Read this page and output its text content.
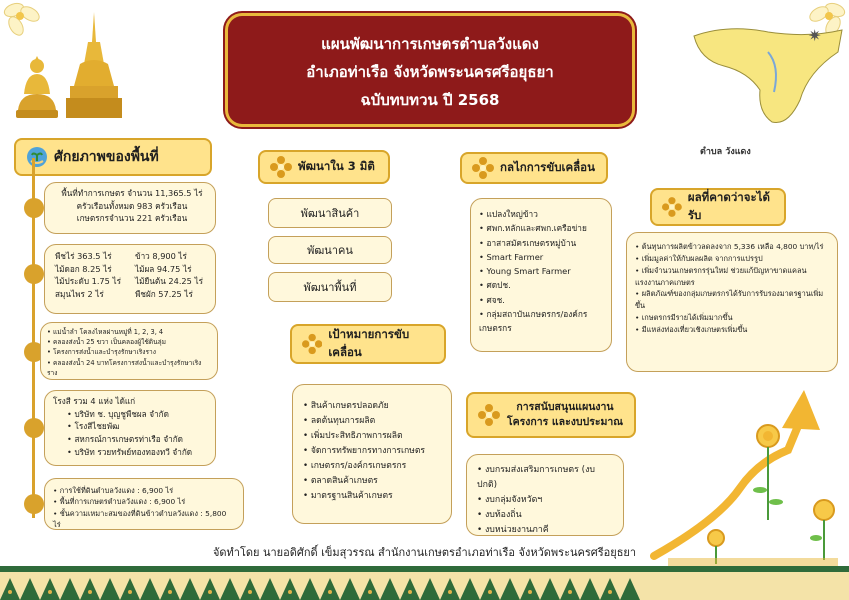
แผนพัฒนาการเกษตรตำบลวังแดง
อำเภอท่าเรือ จังหวัดพระนครศรีอยุธยา
ฉบับทบทวน ปี 2568
✷
ตำบล วังแดง
ศักยภาพของพื้นที่
พื้นที่ทำการเกษตร จำนวน 11,365.5 ไร่
ครัวเรือนทั้งหมด 983 ครัวเรือน
เกษตรกรจำนวน 221 ครัวเรือน
พืชไร่ 363.5 ไร่
ไม้ดอก 8.25 ไร่
ไม้ประดับ 1.75 ไร่
สมุนไพร 2 ไร่
ข้าว 8,900 ไร่
ไม้ผล 94.75 ไร่
ไม้ยืนต้น 24.25 ไร่
พืชผัก 57.25 ไร่
• แม่น้ำลำ โคลงไหลผ่านหมู่ที่ 1, 2, 3, 4
• คลองส่งน้ำ 25 ขวา เป็นคลองผู้ใช้ดินลุ่ม
• โครงการส่งน้ำและบำรุงรักษาเริงราง
• คลองส่งน้ำ 24 บาทโครงการส่งน้ำและบำรุงรักษาเริงราง
โรงสี รวม 4 แห่ง ได้แก่
• บริษัท ช. บุญชูพืชผล จำกัด
• โรงสีไชยพัฒ
• สหกรณ์การเกษตรท่าเรือ จำกัด
• บริษัท รวยทรัพย์ทองทองทวี จำกัด
• การใช้ที่ดินตำบลวังแดง : 6,900 ไร่
• พื้นที่การเกษตรตำบลวังแดง : 6,900 ไร่
• ชั้นความเหมาะสมของที่ดินข้าวตำบลวังแดง : 5,800 ไร่
พัฒนาใน 3 มิติ
พัฒนาสินค้า
พัฒนาคน
พัฒนาพื้นที่
เป้าหมายการขับเคลื่อน
• สินค้าเกษตรปลอดภัย
• ลดต้นทุนการผลิต
• เพิ่มประสิทธิภาพการผลิต
• จัดการทรัพยากรทางการเกษตร
• เกษตรกร/องค์กรเกษตรกร
• ตลาดสินค้าเกษตร
• มาตรฐานสินค้าเกษตร
กลไกการขับเคลื่อน
• แปลงใหญ่ข้าว
• ศพก.หลักและศพก.เครือข่าย
• อาสาสมัครเกษตรหมู่บ้าน
• Smart Farmer
• Young Smart Farmer
• ศดปช.
• ศจช.
• กลุ่มสถาบันเกษตรกร/องค์กรเกษตรกร
การสนับสนุนแผนงาน
โครงการ และงบประมาณ
• งบกรมส่งเสริมการเกษตร (งบปกติ)
• งบกลุ่มจังหวัดฯ
• งบท้องถิ่น
• งบหน่วยงานภาคี
ผลที่คาดว่าจะได้รับ
• ต้นทุนการผลิตข้าวลดลงจาก 5,336 เหลือ 4,800 บาท/ไร่
• เพิ่มมูลค่าให้กับผลผลิต จากการแปรรูป
• เพิ่มจำนวนเกษตรกรรุ่นใหม่ ช่วยแก้ปัญหาขาดแคลนแรงงานภาคเกษตร
• ผลิตภัณฑ์ของกลุ่มเกษตรกรได้รับการรับรองมาตรฐานเพิ่มขึ้น
• เกษตรกรมีรายได้เพิ่มมากขึ้น
• มีแหล่งท่องเที่ยวเชิงเกษตรเพิ่มขึ้น
จัดทำโดย นายอดิศักดิ์ เข็มสุวรรณ สำนักงานเกษตรอำเภอท่าเรือ จังหวัดพระนครศรีอยุธยา
